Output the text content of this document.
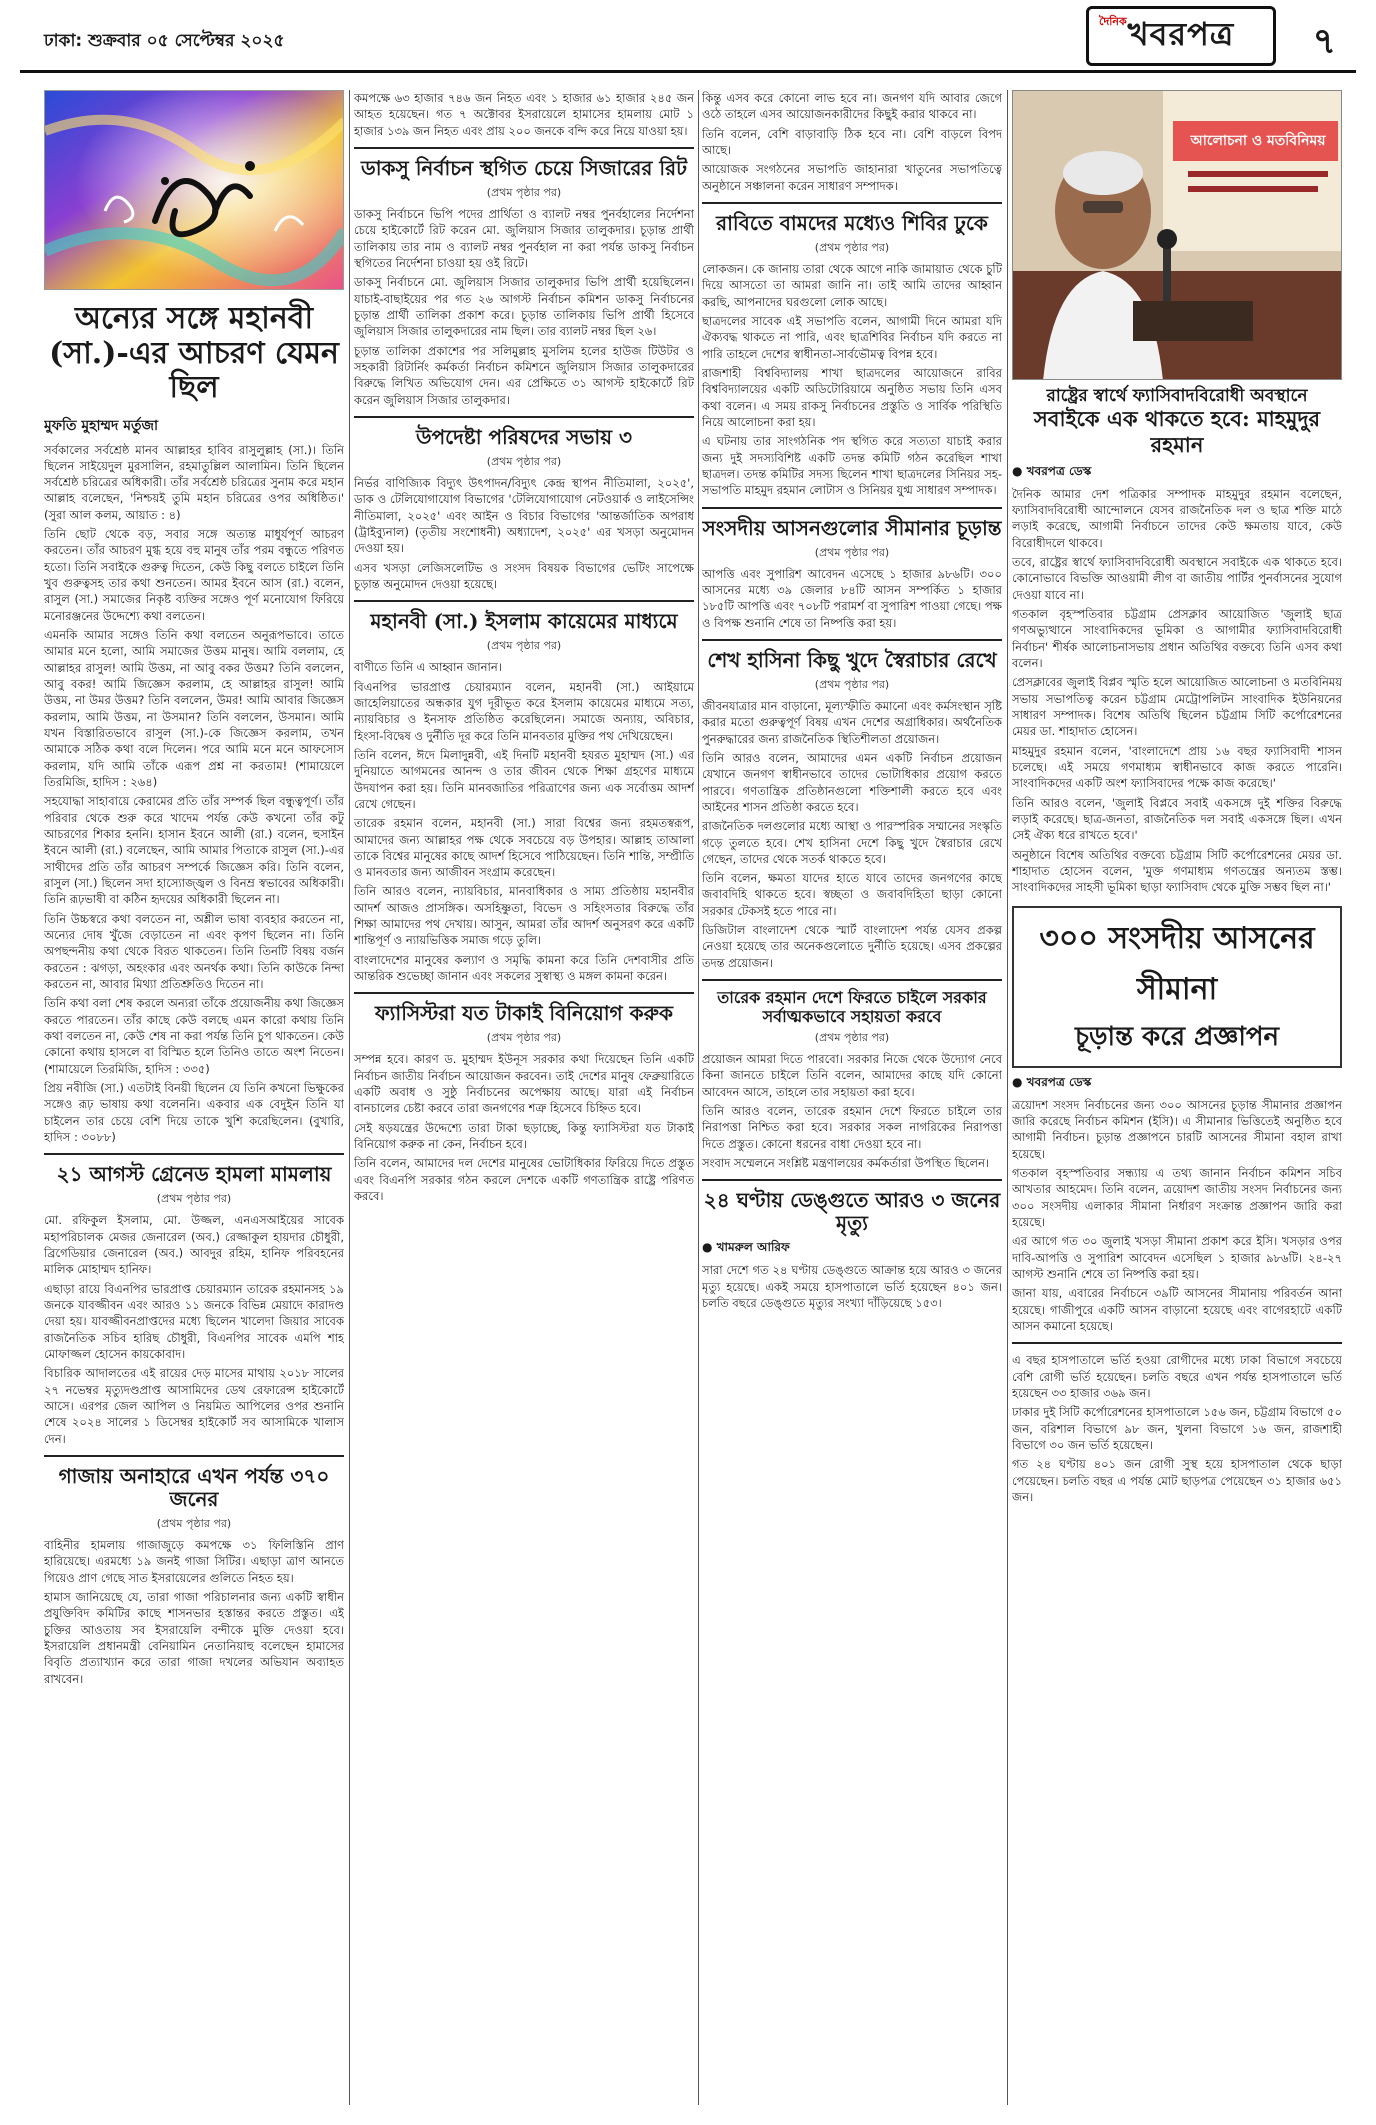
ঢাকা: শুক্রবার ০৫ সেপ্টেম্বর ২০২৫
দৈনিক খবরপত্র ৭
অন্যের সঙ্গে মহানবী (সা.)-এর আচরণ যেমন ছিল
মুফতি মুহাম্মদ মর্তুজা

সর্বকালের সর্বশ্রেষ্ঠ মানব আল্লাহর হাবিব রাসুলুল্লাহ (সা.)। তিনি ছিলেন সাইয়েদুল মুরসালিন, রহমাতুল্লিল আলামিন। তিনি ছিলেন সর্বশ্রেষ্ঠ চরিত্রের অধিকারী। তাঁর সর্বশ্রেষ্ঠ চরিত্রের সুনাম করে মহান আল্লাহ বলেছেন, 'নিশ্চয়ই তুমি মহান চরিত্রের ওপর অধিষ্ঠিত।' (সুরা আল কলম, আয়াত : ৪)

তিনি ছোট থেকে বড়, সবার সঙ্গে অত্যন্ত মাধুর্যপূর্ণ আচরণ করতেন। তাঁর আচরণ মুগ্ধ হয়ে বহু মানুষ তাঁর পরম বন্ধুতে পরিণত হতো। তিনি সবাইকে গুরুত্ব দিতেন, কেউ কিছু বলতে চাইলে তিনি খুব গুরুত্বসহ তার কথা শুনতেন। আমর ইবনে আস (রা.) বলেন, রাসুল (সা.) সমাজের নিকৃষ্ট ব্যক্তির সঙ্গেও পূর্ণ মনোযোগ ফিরিয়ে মনোরঞ্জনের উদ্দেশ্যে কথা বলতেন।

এমনকি আমার সঙ্গেও তিনি কথা বলতেন অনুরূপভাবে। তাতে আমার মনে হলো, আমি সমাজের উত্তম মানুষ। আমি বললাম, হে আল্লাহর রাসুল! আমি উত্তম, না আবু বকর উত্তম? তিনি বললেন, আবু বকর! আমি জিজ্ঞেস করলাম, হে আল্লাহর রাসুল! আমি উত্তম, না উমর উত্তম? তিনি বললেন, উমর! আমি আবার জিজ্ঞেস করলাম, আমি উত্তম, না উসমান? তিনি বললেন, উসমান। আমি যখন বিস্তারিতভাবে রাসুল (সা.)-কে জিজ্ঞেস করলাম, তখন আমাকে সঠিক কথা বলে দিলেন। পরে আমি মনে মনে আফসোস করলাম, যদি আমি তাঁকে এরূপ প্রশ্ন না করতাম! (শামায়েলে তিরমিজি, হাদিস : ২৬৪)

সহযোদ্ধা সাহাবায়ে কেরামের প্রতি তাঁর সম্পর্ক ছিল বন্ধুত্বপূর্ণ। তাঁর পরিবার থেকে শুরু করে খাদেম পর্যন্ত কেউ কখনো তাঁর কটু আচরণের শিকার হননি। হাসান ইবনে আলী (রা.) বলেন, হুসাইন ইবনে আলী (রা.) বলেছেন, আমি আমার পিতাকে রাসুল (সা.)-এর সাথীদের প্রতি তাঁর আচরণ সম্পর্কে জিজ্ঞেস করি। তিনি বলেন, রাসুল (সা.) ছিলেন সদা হাস্যোজ্জ্বল ও বিনম্র স্বভাবের অধিকারী। তিনি রূঢ়ভাষী বা কঠিন হৃদয়ের অধিকারী ছিলেন না।

তিনি উচ্চস্বরে কথা বলতেন না, অশ্লীল ভাষা ব্যবহার করতেন না, অন্যের দোষ খুঁজে বেড়াতেন না এবং কৃপণ ছিলেন না। তিনি অপছন্দনীয় কথা থেকে বিরত থাকতেন। তিনি তিনটি বিষয় বর্জন করতেন : ঝগড়া, অহংকার এবং অনর্থক কথা। তিনি কাউকে নিন্দা করতেন না, আবার মিথ্যা প্রতিশ্রুতিও দিতেন না।

তিনি কথা বলা শেষ করলে অন্যরা তাঁকে প্রয়োজনীয় কথা জিজ্ঞেস করতে পারতেন। তাঁর কাছে কেউ বলছে এমন কারো কথায় তিনি কথা বলতেন না, কেউ শেষ না করা পর্যন্ত তিনি চুপ থাকতেন। কেউ কোনো কথায় হাসলে বা বিস্মিত হলে তিনিও তাতে অংশ নিতেন। (শামায়েলে তিরমিজি, হাদিস : ৩৩৫)

প্রিয় নবীজি (সা.) এতটাই বিনয়ী ছিলেন যে তিনি কখনো ভিক্ষুকের সঙ্গেও রূঢ় ভাষায় কথা বলেননি। একবার এক বেদুইন তিনি যা চাইলেন তার চেয়ে বেশি দিয়ে তাকে খুশি করেছিলেন। (বুখারি, হাদিস : ৩০৮৮)

২১ আগস্ট গ্রেনেড হামলা মামলায়
(প্রথম পৃষ্ঠার পর)

মো. রফিকুল ইসলাম, মো. উজ্জল, এনএসআইয়ের সাবেক মহাপরিচালক মেজর জেনারেল (অব.) রেজ্জাকুল হায়দার চৌধুরী, ব্রিগেডিয়ার জেনারেল (অব.) আবদুর রহিম, হানিফ পরিবহনের মালিক মোহাম্মদ হানিফ।

এছাড়া রায়ে বিএনপির ভারপ্রাপ্ত চেয়ারম্যান তারেক রহমানসহ ১৯ জনকে যাবজ্জীবন এবং আরও ১১ জনকে বিভিন্ন মেয়াদে কারাদণ্ড দেয়া হয়। যাবজ্জীবনপ্রাপ্তদের মধ্যে ছিলেন খালেদা জিয়ার সাবেক রাজনৈতিক সচিব হারিছ চৌধুরী, বিএনপির সাবেক এমপি শাহ মোফাজ্জল হোসেন কায়কোবাদ।

বিচারিক আদালতের এই রায়ের দেড় মাসের মাথায় ২০১৮ সালের ২৭ নভেম্বর মৃত্যুদণ্ডপ্রাপ্ত আসামিদের ডেথ রেফারেন্স হাইকোর্টে আসে। এরপর জেল আপিল ও নিয়মিত আপিলের ওপর শুনানি শেষে ২০২৪ সালের ১ ডিসেম্বর হাইকোর্ট সব আসামিকে খালাস দেন।

গাজায় অনাহারে এখন পর্যন্ত ৩৭০ জনের
(প্রথম পৃষ্ঠার পর)

বাহিনীর হামলায় গাজাজুড়ে কমপক্ষে ৩১ ফিলিস্তিনি প্রাণ হারিয়েছে। এরমধ্যে ১৯ জনই গাজা সিটির। এছাড়া ত্রাণ আনতে গিয়েও প্রাণ গেছে সাত ইসরায়েলের গুলিতে নিহত হয়।

হামাস জানিয়েছে যে, তারা গাজা পরিচালনার জন্য একটি স্বাধীন প্রযুক্তিবিদ কমিটির কাছে শাসনভার হস্তান্তর করতে প্রস্তুত। এই চুক্তির আওতায় সব ইসরায়েলি বন্দীকে মুক্তি দেওয়া হবে। ইসরায়েলি প্রধানমন্ত্রী বেনিয়ামিন নেতানিয়াহু বলেছেন হামাসের বিবৃতি প্রত্যাখ্যান করে তারা গাজা দখলের অভিযান অব্যাহত রাখবেন।

কমপক্ষে ৬৩ হাজার ৭৪৬ জন নিহত এবং ১ হাজার ৬১ হাজার ২৪৫ জন আহত হয়েছেন। গত ৭ অক্টোবর ইসরায়েলে হামাসের হামলায় মোট ১ হাজার ১৩৯ জন নিহত এবং প্রায় ২০০ জনকে বন্দি করে নিয়ে যাওয়া হয়।

ডাকসু নির্বাচন স্থগিত চেয়ে সিজারের রিট
(প্রথম পৃষ্ঠার পর)

ডাকসু নির্বাচনে ভিপি পদের প্রার্থিতা ও ব্যালট নম্বর পুনর্বহালের নির্দেশনা চেয়ে হাইকোর্টে রিট করেন মো. জুলিয়াস সিজার তালুকদার। চূড়ান্ত প্রার্থী তালিকায় তার নাম ও ব্যালট নম্বর পুনর্বহাল না করা পর্যন্ত ডাকসু নির্বাচন স্থগিতের নির্দেশনা চাওয়া হয় ওই রিটে।

ডাকসু নির্বাচনে মো. জুলিয়াস সিজার তালুকদার ভিপি প্রার্থী হয়েছিলেন। যাচাই-বাছাইয়ের পর গত ২৬ আগস্ট নির্বাচন কমিশন ডাকসু নির্বাচনের চূড়ান্ত প্রার্থী তালিকা প্রকাশ করে। চূড়ান্ত তালিকায় ভিপি প্রার্থী হিসেবে জুলিয়াস সিজার তালুকদারের নাম ছিল। তার ব্যালট নম্বর ছিল ২৬।

চূড়ান্ত তালিকা প্রকাশের পর সলিমুল্লাহ মুসলিম হলের হাউজ টিউটর ও সহকারী রিটার্নিং কর্মকর্তা নির্বাচন কমিশনে জুলিয়াস সিজার তালুকদারের বিরুদ্ধে লিখিত অভিযোগ দেন। এর প্রেক্ষিতে ৩১ আগস্ট হাইকোর্টে রিট করেন জুলিয়াস সিজার তালুকদার।

উপদেষ্টা পরিষদের সভায় ৩
(প্রথম পৃষ্ঠার পর)

নির্ভর বাণিজ্যিক বিদ্যুৎ উৎপাদন/বিদ্যুৎ কেন্দ্র স্থাপন নীতিমালা, ২০২৫', ডাক ও টেলিযোগাযোগ বিভাগের 'টেলিযোগাযোগ নেটওয়ার্ক ও লাইসেন্সিং নীতিমালা, ২০২৫' এবং আইন ও বিচার বিভাগের 'আন্তর্জাতিক অপরাধ (ট্রাইব্যুনাল) (তৃতীয় সংশোধনী) অধ্যাদেশ, ২০২৫' এর খসড়া অনুমোদন দেওয়া হয়।

এসব খসড়া লেজিসলেটিভ ও সংসদ বিষয়ক বিভাগের ভেটিং সাপেক্ষে চূড়ান্ত অনুমোদন দেওয়া হয়েছে।

মহানবী (সা.) ইসলাম কায়েমের মাধ্যমে
(প্রথম পৃষ্ঠার পর)

বাণীতে তিনি এ আহ্বান জানান।

বিএনপির ভারপ্রাপ্ত চেয়ারম্যান বলেন, মহানবী (সা.) আইয়ামে জাহেলিয়াতের অন্ধকার যুগ দূরীভূত করে ইসলাম কায়েমের মাধ্যমে সত্য, ন্যায়বিচার ও ইনসাফ প্রতিষ্ঠিত করেছিলেন। সমাজে অন্যায়, অবিচার, হিংসা-বিদ্বেষ ও দুর্নীতি দূর করে তিনি মানবতার মুক্তির পথ দেখিয়েছেন।

তিনি বলেন, ঈদে মিলাদুন্নবী, এই দিনটি মহানবী হযরত মুহাম্মদ (সা.) এর দুনিয়াতে আগমনের আনন্দ ও তার জীবন থেকে শিক্ষা গ্রহণের মাধ্যমে উদযাপন করা হয়। তিনি মানবজাতির পরিত্রাণের জন্য এক সর্বোত্তম আদর্শ রেখে গেছেন।

তারেক রহমান বলেন, মহানবী (সা.) সারা বিশ্বের জন্য রহমতস্বরূপ, আমাদের জন্য আল্লাহর পক্ষ থেকে সবচেয়ে বড় উপহার। আল্লাহ তাআলা তাকে বিশ্বের মানুষের কাছে আদর্শ হিসেবে পাঠিয়েছেন। তিনি শান্তি, সম্প্রীতি ও মানবতার জন্য আজীবন সংগ্রাম করেছেন।

তিনি আরও বলেন, ন্যায়বিচার, মানবাধিকার ও সাম্য প্রতিষ্ঠায় মহানবীর আদর্শ আজও প্রাসঙ্গিক। অসহিষ্ণুতা, বিভেদ ও সহিংসতার বিরুদ্ধে তাঁর শিক্ষা আমাদের পথ দেখায়। আসুন, আমরা তাঁর আদর্শ অনুসরণ করে একটি শান্তিপূর্ণ ও ন্যায়ভিত্তিক সমাজ গড়ে তুলি।

বাংলাদেশের মানুষের কল্যাণ ও সমৃদ্ধি কামনা করে তিনি দেশবাসীর প্রতি আন্তরিক শুভেচ্ছা জানান এবং সকলের সুস্বাস্থ্য ও মঙ্গল কামনা করেন।

ফ্যাসিস্টরা যত টাকাই বিনিয়োগ করুক
(প্রথম পৃষ্ঠার পর)

সম্পন্ন হবে। কারণ ড. মুহাম্মদ ইউনূস সরকার কথা দিয়েছেন তিনি একটি নির্বাচন জাতীয় নির্বাচন আয়োজন করবেন। তাই দেশের মানুষ ফেব্রুয়ারিতে একটি অবাধ ও সুষ্ঠু নির্বাচনের অপেক্ষায় আছে। যারা এই নির্বাচন বানচালের চেষ্টা করবে তারা জনগণের শত্রু হিসেবে চিহ্নিত হবে।

সেই ষড়যন্ত্রের উদ্দেশ্যে তারা টাকা ছড়াচ্ছে, কিন্তু ফ্যাসিস্টরা যত টাকাই বিনিয়োগ করুক না কেন, নির্বাচন হবে।

তিনি বলেন, আমাদের দল দেশের মানুষের ভোটাধিকার ফিরিয়ে দিতে প্রস্তুত এবং বিএনপি সরকার গঠন করলে দেশকে একটি গণতান্ত্রিক রাষ্ট্রে পরিণত করবে।

কিন্তু এসব করে কোনো লাভ হবে না। জনগণ যদি আবার জেগে ওঠে তাহলে এসব আয়োজনকারীদের কিছুই করার থাকবে না।

তিনি বলেন, বেশি বাড়াবাড়ি ঠিক হবে না। বেশি বাড়লে বিপদ আছে।

আয়োজক সংগঠনের সভাপতি জাহানারা খাতুনের সভাপতিত্বে অনুষ্ঠানে সঞ্চালনা করেন সাধারণ সম্পাদক।

রাবিতে বামদের মধ্যেও শিবির ঢুকে
(প্রথম পৃষ্ঠার পর)

লোকজন। কে জানায় তারা থেকে আগে নাকি জামায়াত থেকে চুটি দিয়ে আসতো তা আমরা জানি না। তাই আমি তাদের আহ্বান করছি, আপনাদের ঘরগুলো লোক আছে।

ছাত্রদলের সাবেক এই সভাপতি বলেন, আগামী দিনে আমরা যদি ঐক্যবদ্ধ থাকতে না পারি, এবং ছাত্রশিবির নির্বাচন যদি করতে না পারি তাহলে দেশের স্বাধীনতা-সার্বভৌমত্ব বিপন্ন হবে।

রাজশাহী বিশ্ববিদ্যালয় শাখা ছাত্রদলের আয়োজনে রাবির বিশ্ববিদ্যালয়ের একটি অডিটোরিয়ামে অনুষ্ঠিত সভায় তিনি এসব কথা বলেন। এ সময় রাকসু নির্বাচনের প্রস্তুতি ও সার্বিক পরিস্থিতি নিয়ে আলোচনা করা হয়।

এ ঘটনায় তার সাংগঠনিক পদ স্থগিত করে সত্যতা যাচাই করার জন্য দুই সদস্যবিশিষ্ট একটি তদন্ত কমিটি গঠন করেছিল শাখা ছাত্রদল। তদন্ত কমিটির সদস্য ছিলেন শাখা ছাত্রদলের সিনিয়র সহ-সভাপতি মাহমুদ রহমান লোটাস ও সিনিয়র যুগ্ম সাধারণ সম্পাদক।

সংসদীয় আসনগুলোর সীমানার চূড়ান্ত
(প্রথম পৃষ্ঠার পর)

আপত্তি এবং সুপারিশ আবেদন এসেছে ১ হাজার ৯৮৬টি। ৩০০ আসনের মধ্যে ৩৯ জেলার ৮৪টি আসন সম্পর্কিত ১ হাজার ১৮৫টি আপত্তি এবং ৭০৮টি পরামর্শ বা সুপারিশ পাওয়া গেছে। পক্ষ ও বিপক্ষ শুনানি শেষে তা নিষ্পত্তি করা হয়।

শেখ হাসিনা কিছু খুদে স্বৈরাচার রেখে
(প্রথম পৃষ্ঠার পর)

জীবনযাত্রার মান বাড়ানো, মূল্যস্ফীতি কমানো এবং কর্মসংস্থান সৃষ্টি করার মতো গুরুত্বপূর্ণ বিষয় এখন দেশের অগ্রাধিকার। অর্থনৈতিক পুনরুদ্ধারের জন্য রাজনৈতিক স্থিতিশীলতা প্রয়োজন।

তিনি আরও বলেন, আমাদের এমন একটি নির্বাচন প্রয়োজন যেখানে জনগণ স্বাধীনভাবে তাদের ভোটাধিকার প্রয়োগ করতে পারবে। গণতান্ত্রিক প্রতিষ্ঠানগুলো শক্তিশালী করতে হবে এবং আইনের শাসন প্রতিষ্ঠা করতে হবে।

রাজনৈতিক দলগুলোর মধ্যে আস্থা ও পারস্পরিক সম্মানের সংস্কৃতি গড়ে তুলতে হবে। শেখ হাসিনা দেশে কিছু খুদে স্বৈরাচার রেখে গেছেন, তাদের থেকে সতর্ক থাকতে হবে।

তিনি বলেন, ক্ষমতা যাদের হাতে যাবে তাদের জনগণের কাছে জবাবদিহি থাকতে হবে। স্বচ্ছতা ও জবাবদিহিতা ছাড়া কোনো সরকার টেকসই হতে পারে না।

ডিজিটাল বাংলাদেশ থেকে স্মার্ট বাংলাদেশ পর্যন্ত যেসব প্রকল্প নেওয়া হয়েছে তার অনেকগুলোতে দুর্নীতি হয়েছে। এসব প্রকল্পের তদন্ত প্রয়োজন।

তারেক রহমান দেশে ফিরতে চাইলে সরকার সর্বাত্মকভাবে সহায়তা করবে
(প্রথম পৃষ্ঠার পর)

প্রয়োজন আমরা দিতে পারবো। সরকার নিজে থেকে উদ্যোগ নেবে কিনা জানতে চাইলে তিনি বলেন, আমাদের কাছে যদি কোনো আবেদন আসে, তাহলে তার সহায়তা করা হবে।

তিনি আরও বলেন, তারেক রহমান দেশে ফিরতে চাইলে তার নিরাপত্তা নিশ্চিত করা হবে। সরকার সকল নাগরিকের নিরাপত্তা দিতে প্রস্তুত। কোনো ধরনের বাধা দেওয়া হবে না।

সংবাদ সম্মেলনে সংশ্লিষ্ট মন্ত্রণালয়ের কর্মকর্তারা উপস্থিত ছিলেন।

২৪ ঘণ্টায় ডেঙ্গুতে আরও ৩ জনের মৃত্যু
● খামরুল আরিফ

সারা দেশে গত ২৪ ঘণ্টায় ডেঙ্গুতে আক্রান্ত হয়ে আরও ৩ জনের মৃত্যু হয়েছে। একই সময়ে হাসপাতালে ভর্তি হয়েছেন ৪০১ জন। চলতি বছরে ডেঙ্গুতে মৃত্যুর সংখ্যা দাঁড়িয়েছে ১৫৩।

আলোচনা ও মতবিনিময়
রাষ্ট্রের স্বার্থে ফ্যাসিবাদবিরোধী অবস্থানে
সবাইকে এক থাকতে হবে: মাহমুদুর রহমান
● খবরপত্র ডেস্ক

দৈনিক আমার দেশ পত্রিকার সম্পাদক মাহমুদুর রহমান বলেছেন, ফ্যাসিবাদবিরোধী আন্দোলনে যেসব রাজনৈতিক দল ও ছাত্র শক্তি মাঠে লড়াই করেছে, আগামী নির্বাচনে তাদের কেউ ক্ষমতায় যাবে, কেউ বিরোধীদলে থাকবে।

তবে, রাষ্ট্রের স্বার্থে ফ্যাসিবাদবিরোধী অবস্থানে সবাইকে এক থাকতে হবে। কোনোভাবে বিভক্তি আওয়ামী লীগ বা জাতীয় পার্টির পুনর্বাসনের সুযোগ দেওয়া যাবে না।

গতকাল বৃহস্পতিবার চট্টগ্রাম প্রেসক্লাব আয়োজিত 'জুলাই ছাত্র গণঅভ্যুত্থানে সাংবাদিকদের ভূমিকা ও আগামীর ফ্যাসিবাদবিরোধী নির্বাচন' শীর্ষক আলোচনাসভায় প্রধান অতিথির বক্তব্যে তিনি এসব কথা বলেন।

প্রেসক্লাবের জুলাই বিপ্লব স্মৃতি হলে আয়োজিত আলোচনা ও মতবিনিময় সভায় সভাপতিত্ব করেন চট্টগ্রাম মেট্রোপলিটন সাংবাদিক ইউনিয়নের সাধারণ সম্পাদক। বিশেষ অতিথি ছিলেন চট্টগ্রাম সিটি কর্পোরেশনের মেয়র ডা. শাহাদাত হোসেন।

মাহমুদুর রহমান বলেন, 'বাংলাদেশে প্রায় ১৬ বছর ফ্যাসিবাদী শাসন চলেছে। এই সময়ে গণমাধ্যম স্বাধীনভাবে কাজ করতে পারেনি। সাংবাদিকদের একটি অংশ ফ্যাসিবাদের পক্ষে কাজ করেছে।'

তিনি আরও বলেন, 'জুলাই বিপ্লবে সবাই একসঙ্গে দুই শক্তির বিরুদ্ধে লড়াই করেছে। ছাত্র-জনতা, রাজনৈতিক দল সবাই একসঙ্গে ছিল। এখন সেই ঐক্য ধরে রাখতে হবে।'

অনুষ্ঠানে বিশেষ অতিথির বক্তব্যে চট্টগ্রাম সিটি কর্পোরেশনের মেয়র ডা. শাহাদাত হোসেন বলেন, 'মুক্ত গণমাধ্যম গণতন্ত্রের অন্যতম স্তম্ভ। সাংবাদিকদের সাহসী ভূমিকা ছাড়া ফ্যাসিবাদ থেকে মুক্তি সম্ভব ছিল না।'

৩০০ সংসদীয় আসনের সীমানা
চূড়ান্ত করে প্রজ্ঞাপন
● খবরপত্র ডেস্ক

ত্রয়োদশ সংসদ নির্বাচনের জন্য ৩০০ আসনের চূড়ান্ত সীমানার প্রজ্ঞাপন জারি করেছে নির্বাচন কমিশন (ইসি)। এ সীমানার ভিত্তিতেই অনুষ্ঠিত হবে আগামী নির্বাচন। চূড়ান্ত প্রজ্ঞাপনে চারটি আসনের সীমানা বহাল রাখা হয়েছে।

গতকাল বৃহস্পতিবার সন্ধ্যায় এ তথ্য জানান নির্বাচন কমিশন সচিব আখতার আহমেদ। তিনি বলেন, ত্রয়োদশ জাতীয় সংসদ নির্বাচনের জন্য ৩০০ সংসদীয় এলাকার সীমানা নির্ধারণ সংক্রান্ত প্রজ্ঞাপন জারি করা হয়েছে।

এর আগে গত ৩০ জুলাই খসড়া সীমানা প্রকাশ করে ইসি। খসড়ার ওপর দাবি-আপত্তি ও সুপারিশ আবেদন এসেছিল ১ হাজার ৯৮৬টি। ২৪-২৭ আগস্ট শুনানি শেষে তা নিষ্পত্তি করা হয়।

জানা যায়, এবারের নির্বাচনে ৩৯টি আসনের সীমানায় পরিবর্তন আনা হয়েছে। গাজীপুরে একটি আসন বাড়ানো হয়েছে এবং বাগেরহাটে একটি আসন কমানো হয়েছে।

এ বছর হাসপাতালে ভর্তি হওয়া রোগীদের মধ্যে ঢাকা বিভাগে সবচেয়ে বেশি রোগী ভর্তি হয়েছেন। চলতি বছরে এখন পর্যন্ত হাসপাতালে ভর্তি হয়েছেন ৩৩ হাজার ৩৬৯ জন।

ঢাকার দুই সিটি কর্পোরেশনের হাসপাতালে ১৫৬ জন, চট্টগ্রাম বিভাগে ৫০ জন, বরিশাল বিভাগে ৯৮ জন, খুলনা বিভাগে ১৬ জন, রাজশাহী বিভাগে ৩০ জন ভর্তি হয়েছেন।

গত ২৪ ঘণ্টায় ৪০১ জন রোগী সুস্থ হয়ে হাসপাতাল থেকে ছাড়া পেয়েছেন। চলতি বছর এ পর্যন্ত মোট ছাড়পত্র পেয়েছেন ৩১ হাজার ৬৫১ জন।
